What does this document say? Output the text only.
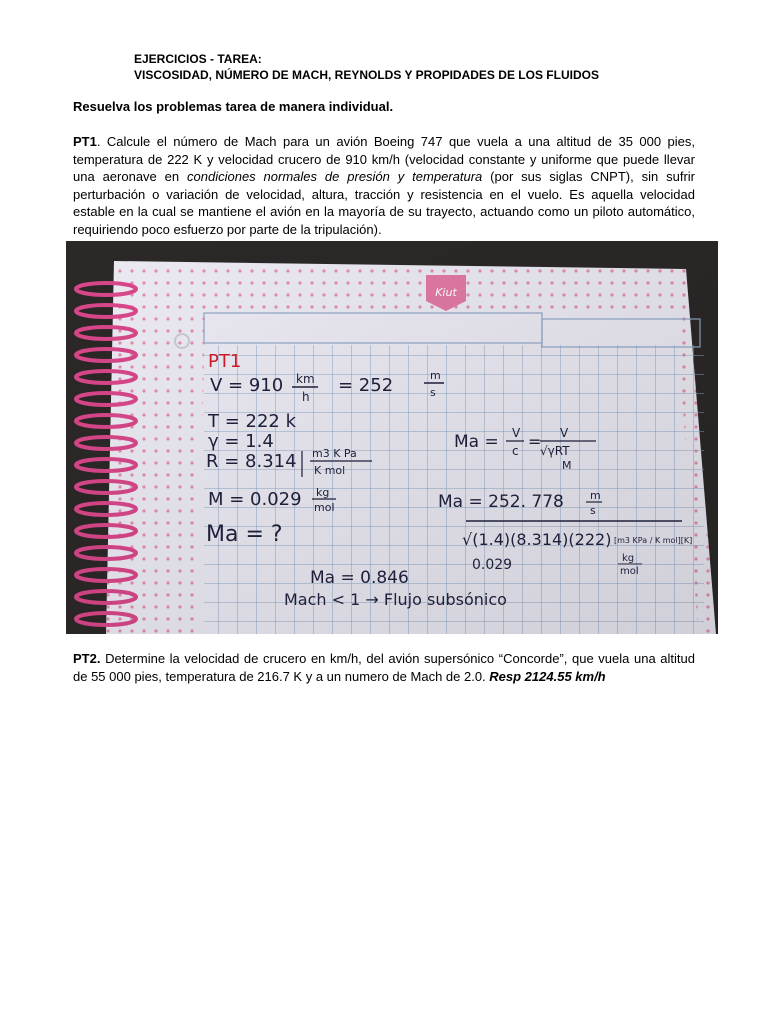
EJERCICIOS - TAREA:
VISCOSIDAD, NÚMERO DE MACH, REYNOLDS Y PROPIDADES DE LOS FLUIDOS
Resuelva los problemas tarea de manera individual.
PT1. Calcule el número de Mach para un avión Boeing 747 que vuela a una altitud de 35 000 pies, temperatura de 222 K y velocidad crucero de 910 km/h (velocidad constante y uniforme que puede llevar una aeronave en condiciones normales de presión y temperatura (por sus siglas CNPT), sin sufrir perturbación o variación de velocidad, altura, tracción y resistencia en el vuelo. Es aquella velocidad estable en la cual se mantiene el avión en la mayoría de su trayecto, actuando como un piloto automático, requiriendo poco esfuerzo por parte de la tripulación).
PT1
V = 910 km
h
= 252	m
s
T = 222 k
γ = 1.4
R = 8.314 m3 K Pa
K mol
M = 0.029 kg
mol
Ma = ?
Ma = V
c = V
√γRT
M
Ma = 252. 778 m
s
√(1.4)(8.314)(222) [m3 KPa / K mol][K]
0.029	kg
mol
Ma = 0.846
Mach < 1 → Flujo subsónico
PT2. Determine la velocidad de crucero en km/h, del avión supersónico “Concorde”, que vuela una altitud de 55 000 pies, temperatura de 216.7 K y a un numero de Mach de 2.0. Resp 2124.55 km/h
